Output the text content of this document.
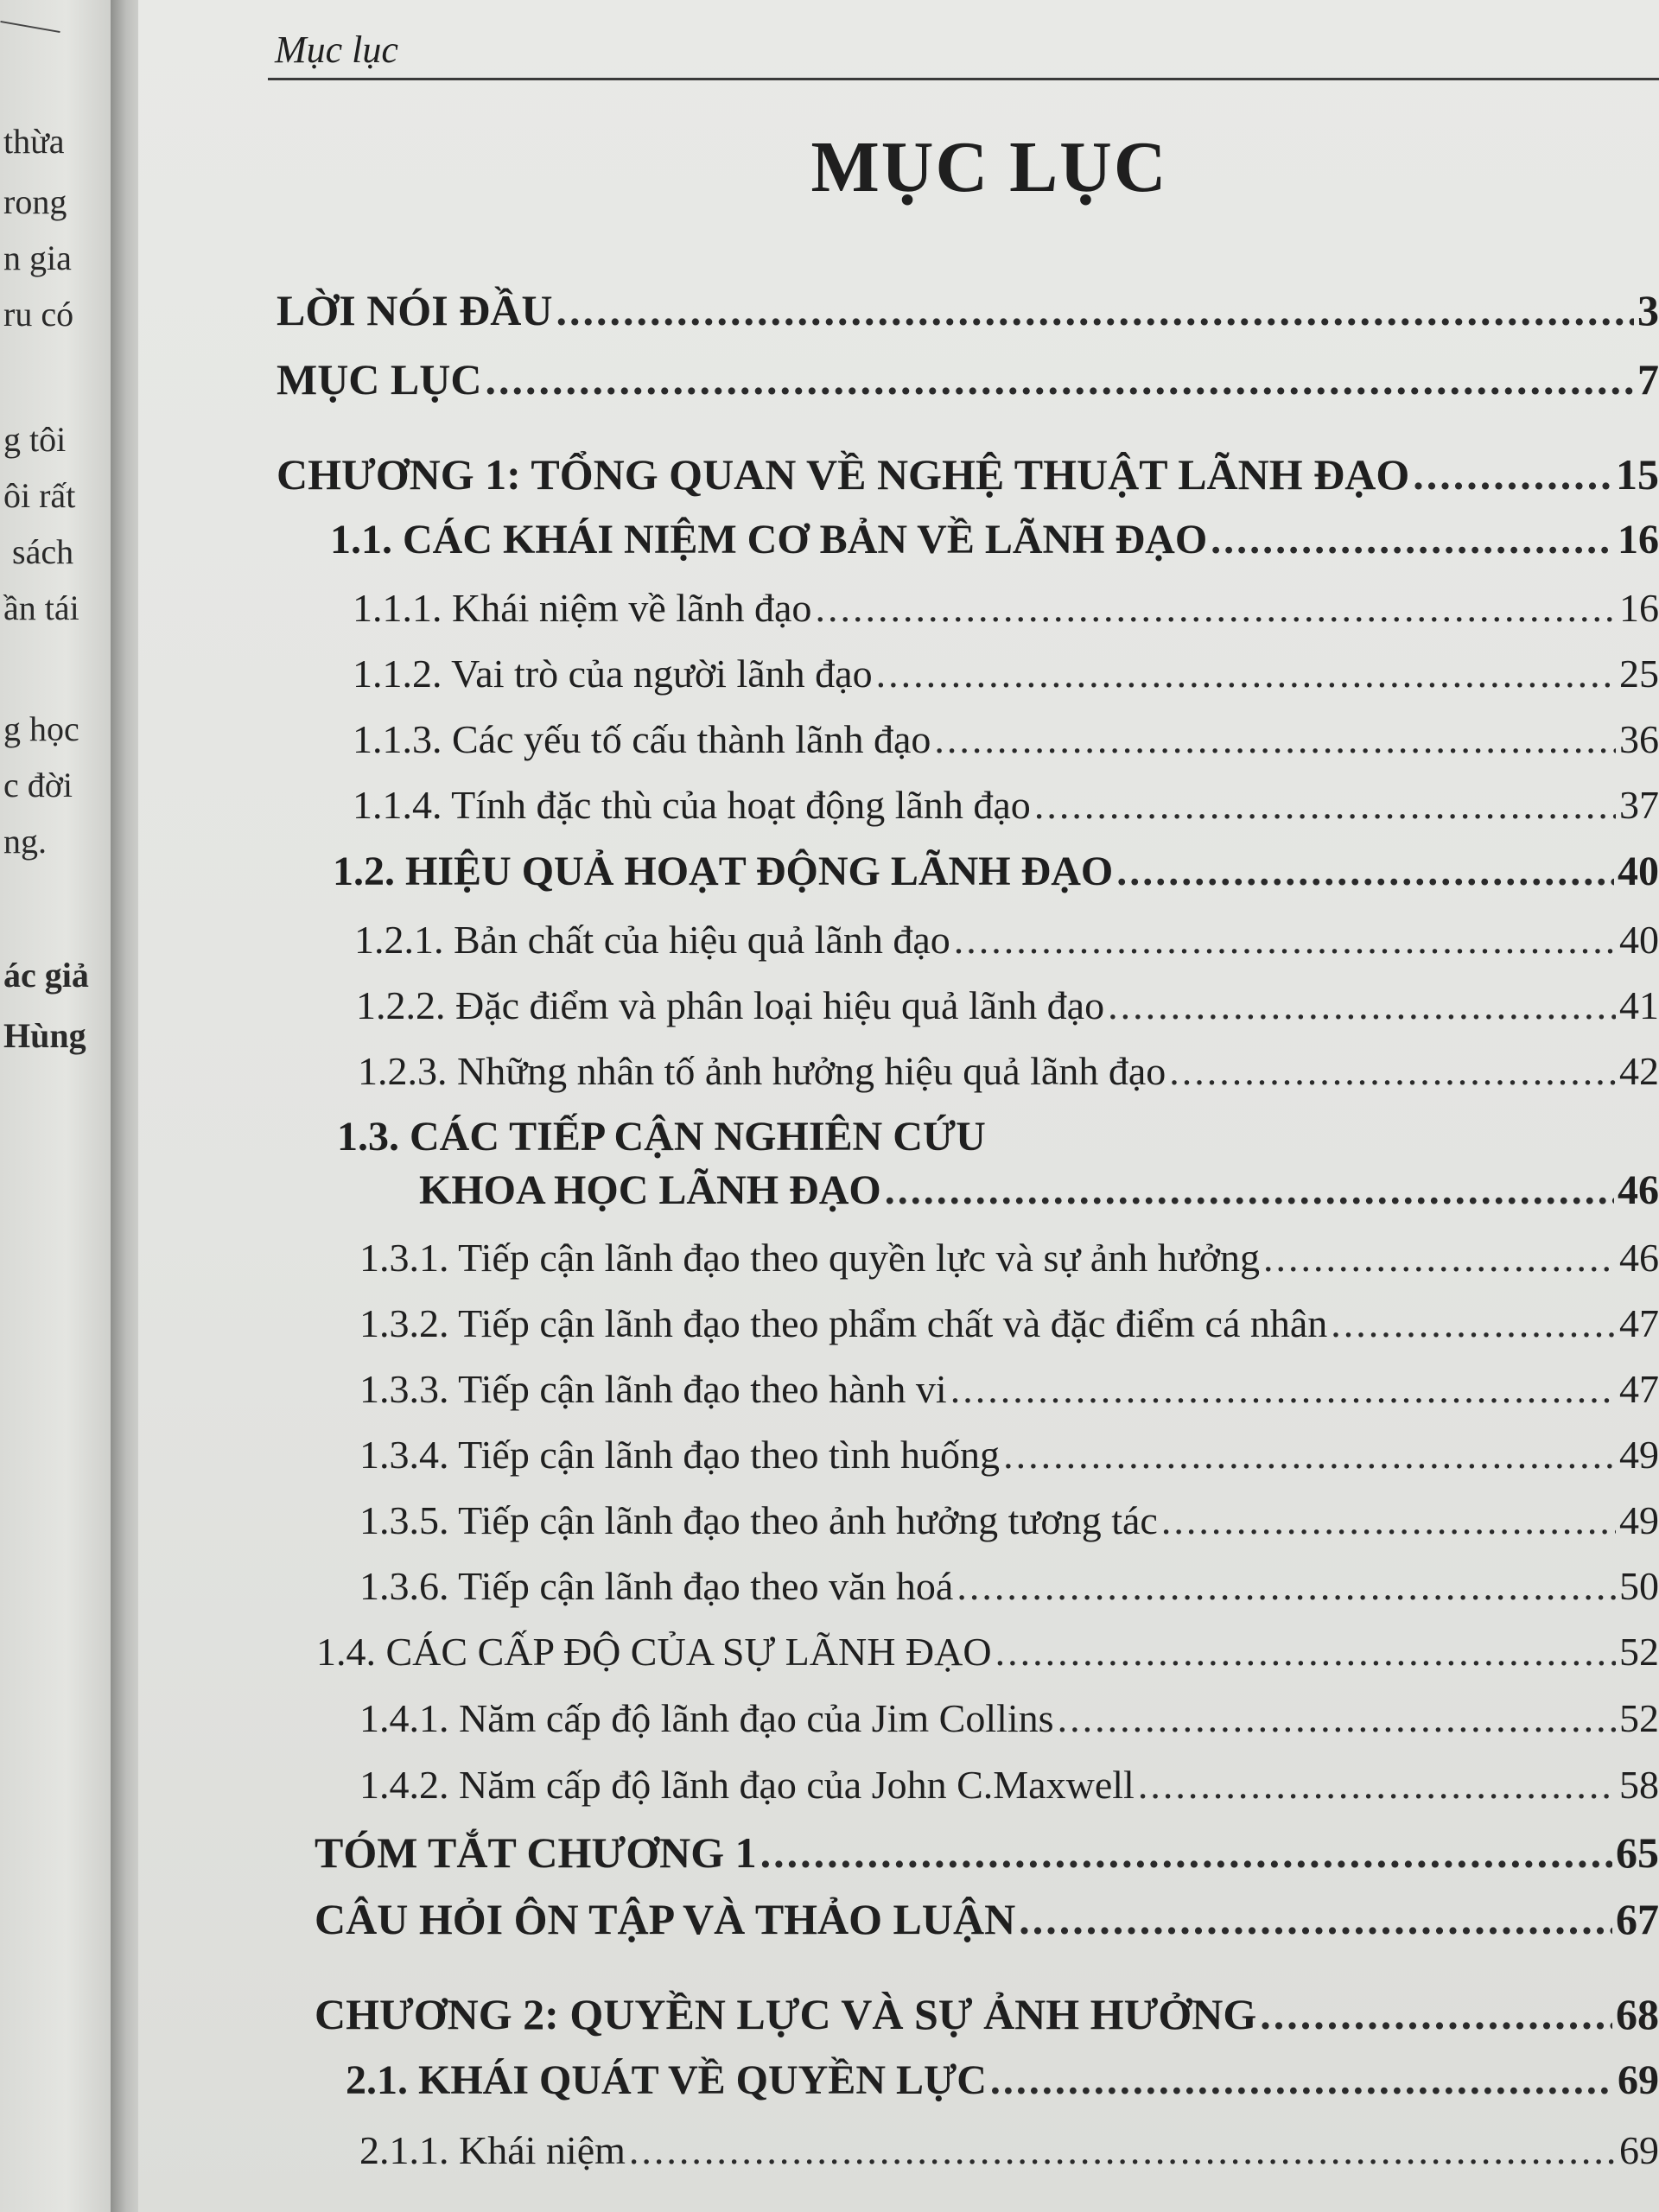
thừa
rong
n gia
ru có
g tôi
ôi rất
sách
ần tái
g học
c đời
ng.
ác giả
Hùng
Mục lục
MỤC LỤC
LỜI NÓI ĐẦU .....	3
MỤC LỤC .....	7
CHƯƠNG 1: TỔNG QUAN VỀ NGHỆ THUẬT LÃNH ĐẠO .....	15
1.1. CÁC KHÁI NIỆM CƠ BẢN VỀ LÃNH ĐẠO .....	16
1.1.1. Khái niệm về lãnh đạo .....	16
1.1.2. Vai trò của người lãnh đạo .....	25
1.1.3. Các yếu tố cấu thành lãnh đạo .....	36
1.1.4. Tính đặc thù của hoạt động lãnh đạo .....	37
1.2. HIỆU QUẢ HOẠT ĐỘNG LÃNH ĐẠO .....	40
1.2.1. Bản chất của hiệu quả lãnh đạo .....	40
1.2.2. Đặc điểm và phân loại hiệu quả lãnh đạo .....	41
1.2.3. Những nhân tố ảnh hưởng hiệu quả lãnh đạo .....	42
1.3. CÁC TIẾP CẬN NGHIÊN CỨU
KHOA HỌC LÃNH ĐẠO .....	46
1.3.1. Tiếp cận lãnh đạo theo quyền lực và sự ảnh hưởng .....	46
1.3.2. Tiếp cận lãnh đạo theo phẩm chất và đặc điểm cá nhân .....	47
1.3.3. Tiếp cận lãnh đạo theo hành vi .....	47
1.3.4. Tiếp cận lãnh đạo theo tình huống .....	49
1.3.5. Tiếp cận lãnh đạo theo ảnh hưởng tương tác .....	49
1.3.6. Tiếp cận lãnh đạo theo văn hoá .....	50
1.4. CÁC CẤP ĐỘ CỦA SỰ LÃNH ĐẠO .....	52
1.4.1. Năm cấp độ lãnh đạo của Jim Collins .....	52
1.4.2. Năm cấp độ lãnh đạo của John C.Maxwell .....	58
TÓM TẮT CHƯƠNG 1 .....	65
CÂU HỎI ÔN TẬP VÀ THẢO LUẬN .....	67
CHƯƠNG 2: QUYỀN LỰC VÀ SỰ ẢNH HƯỞNG .....	68
2.1. KHÁI QUÁT VỀ QUYỀN LỰC .....	69
2.1.1. Khái niệm .....	69
